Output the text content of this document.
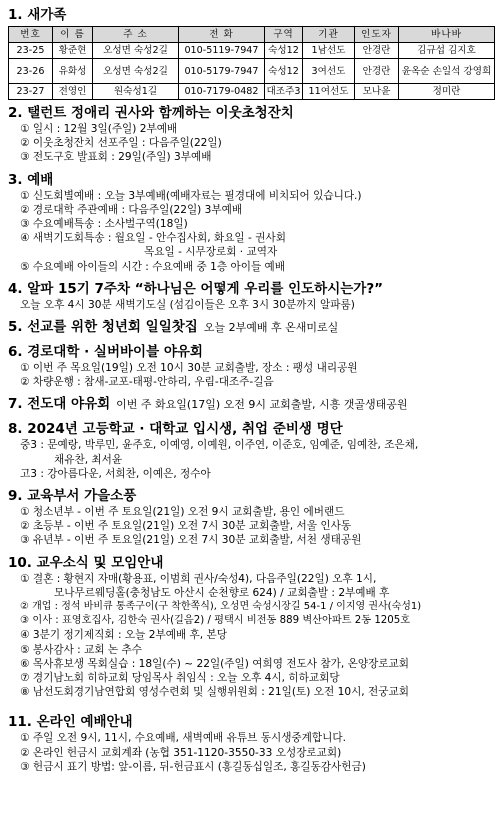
1. 새가족
번호	이 름	주 소	전 화	구역	기관	인도자	바나바
23-25	황준현	오성면 숙성2길	010-5119-7947	숙성12	1남선도	안경란	김규섭 김지호
23-26	유화성	오성면 숙성2길	010-5179-7947	숙성12	3여선도	안경란	윤옥순 손일석 강영희
23-27	전영인	원숙성1길	010-7179-0482	대조주3	11여선도	모나윤	정미란
2. 탤런트 정애리 권사와 함께하는 이웃초청잔치
① 일시 : 12월 3일(주일) 2부예배
② 이웃초청잔치 선포주일 : 다음주일(22일)
③ 전도구호 발표회 : 29일(주일) 3부예배
3. 예배
① 신도회별예배 : 오늘 3부예배(예배자료는 필경대에 비치되어 있습니다.)
② 경로대학 주관예배 : 다음주일(22일) 3부예배
③ 수요예배특송 : 소사벌구역(18일)
④ 새벽기도회특송 : 월요일 - 안수집사회, 화요일 - 권사회
목요일 - 시무장로회 · 교역자
⑤ 수요예배 아이들의 시간 : 수요예배 중 1층 아이들 예배
4. 알파 15기 7주차 “하나님은 어떻게 우리를 인도하시는가?”
오늘 오후 4시 30분 새벽기도실 (섬김이들은 오후 3시 30분까지 알파룸)
5. 선교를 위한 청년회 일일찻집 오늘 2부예배 후 온새미로실
6. 경로대학 · 실버바이블 야유회
① 이번 주 목요일(19일) 오전 10시 30분 교회출발, 장소 : 팽성 내리공원
② 차량운행 : 참새-교포-태평-안하리, 우림-대조주-길음
7. 전도대 야유회 이번 주 화요일(17일) 오전 9시 교회출발, 시흥 갯골생태공원
8. 2024년 고등학교 · 대학교 입시생, 취업 준비생 명단
중3 : 문예랑, 박루민, 윤주호, 이예영, 이예원, 이주연, 이준호, 임예준, 임예찬, 조은채,
채유찬, 최서윤
고3 : 강아름다운, 서희찬, 이예은, 정수아
9. 교육부서 가을소풍
① 청소년부 - 이번 주 토요일(21일) 오전 9시 교회출발, 용인 에버랜드
② 초등부 - 이번 주 토요일(21일) 오전 7시 30분 교회출발, 서울 인사동
③ 유년부 - 이번 주 토요일(21일) 오전 7시 30분 교회출발, 서천 생태공원
10. 교우소식 및 모임안내
① 결혼 : 황현지 자매(황용표, 이범희 권사/숙성4), 다음주일(22일) 오후 1시,
모나무르웨딩홀(충청남도 아산시 순천향로 624) / 교회출발 : 2부예배 후
② 개업 : 정석 바비큐 통족구이(구 착한쪽식), 오성면 숙성시장길 54-1 / 이지영 권사(숙성1)
③ 이사 : 표영호집사, 김한숙 권사(길음2) / 평택시 비전동 889 벽산아파트 2동 1205호
④ 3분기 정기제직회 : 오늘 2부예배 후, 본당
⑤ 봉사감사 : 교회 논 추수
⑥ 목사휴보생 목회실습 : 18일(수) ~ 22일(주일) 여희영 전도사 참가, 온양장로교회
⑦ 경기남노회 히하교회 당임목사 취임식 : 오늘 오후 4시, 히하교회당
⑧ 남선도회경기남연합회 영성수련회 및 실행위원회 : 21일(토) 오전 10시, 전궁교회
11. 온라인 예배안내
① 주일 오전 9시, 11시, 수요예배, 새벽예배 유튜브 동시생중계합니다.
② 온라인 헌금시 교회계좌 (농협 351-1120-3550-33 오성장로교회)
③ 헌금시 표기 방법: 앞-이름, 뒤-헌금표시 (홍길동십일조, 홍길동감사헌금)
